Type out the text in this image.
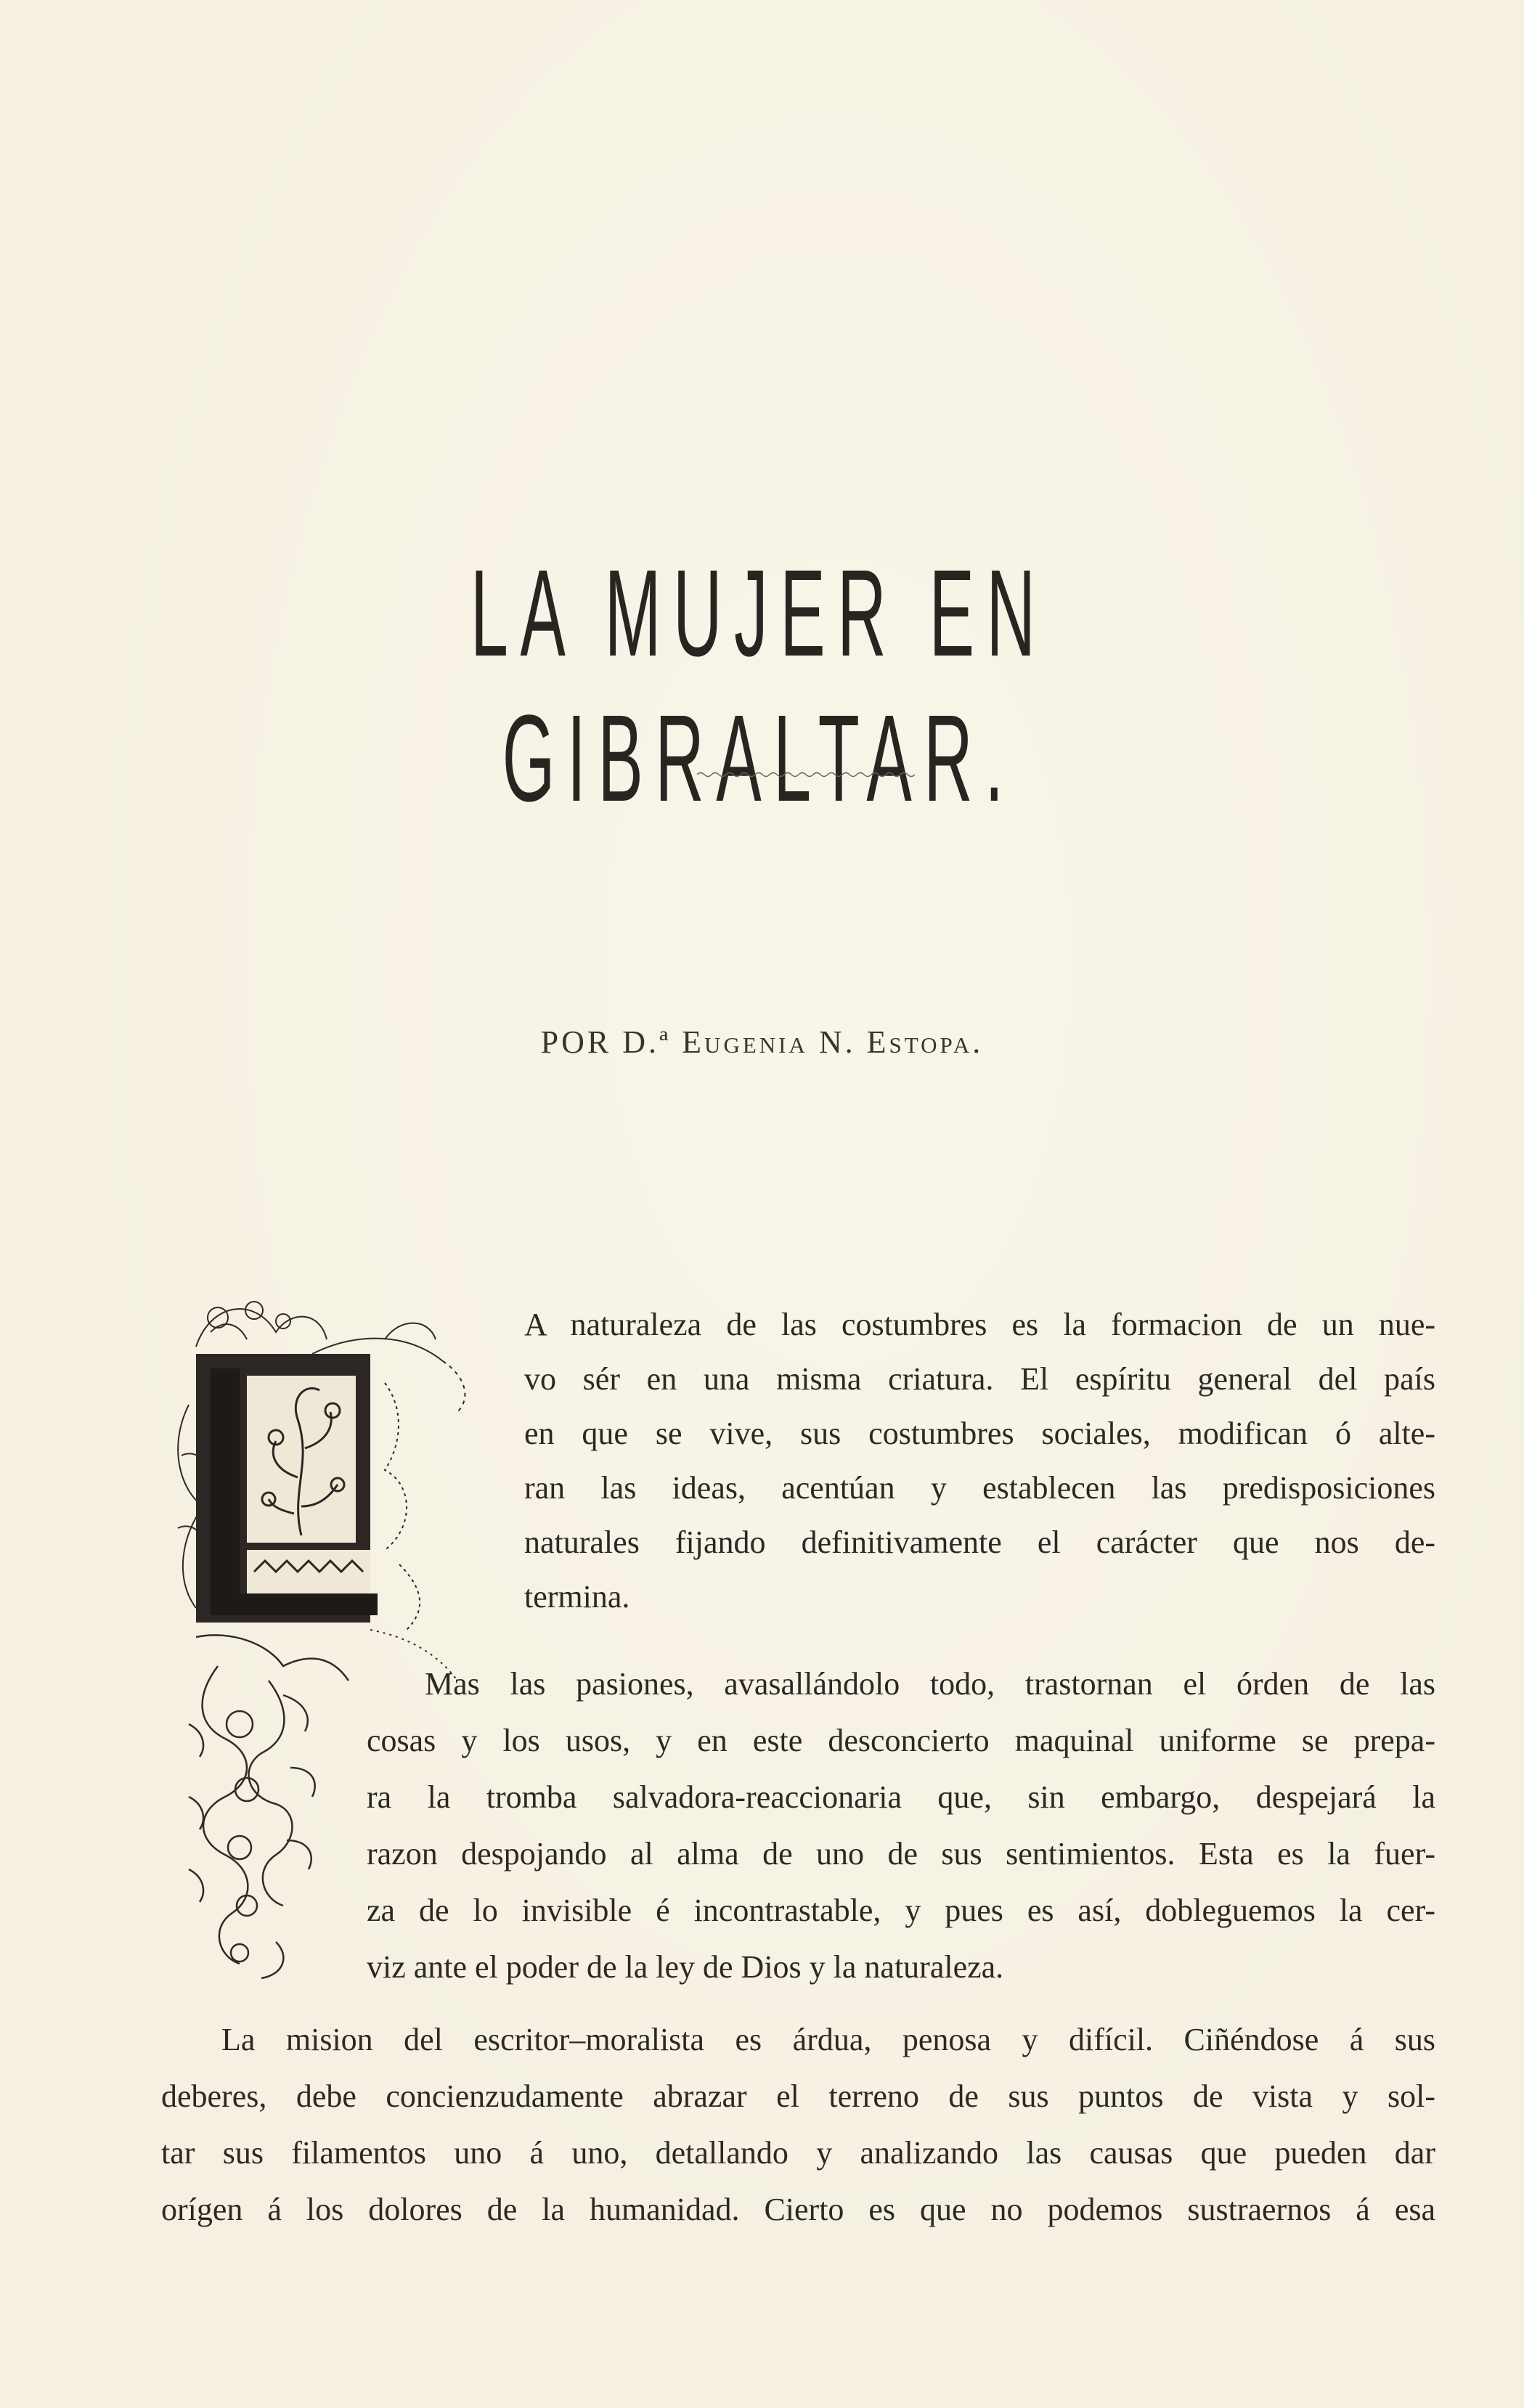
LA MUJER EN GIBRALTAR.
POR D.ª Eugenia N. Estopa.
A naturaleza de las costumbres es la formacion de un nue-
vo sér en una misma criatura. El espíritu general del país
en que se vive, sus costumbres sociales, modifican ó alte-
ran las ideas, acentúan y establecen las predisposiciones
naturales fijando definitivamente el carácter que nos de-
termina.
Mas las pasiones, avasallándolo todo, trastornan el órden de las
cosas y los usos, y en este desconcierto maquinal uniforme se prepa-
ra la tromba salvadora-reaccionaria que, sin embargo, despejará la
razon despojando al alma de uno de sus sentimientos. Esta es la fuer-
za de lo invisible é incontrastable, y pues es así, dobleguemos la cer-
viz ante el poder de la ley de Dios y la naturaleza.
La mision del escritor–moralista es árdua, penosa y difícil. Ciñéndose á sus
deberes, debe concienzudamente abrazar el terreno de sus puntos de vista y sol-
tar sus filamentos uno á uno, detallando y analizando las causas que pueden dar
orígen á los dolores de la humanidad. Cierto es que no podemos sustraernos á esa
